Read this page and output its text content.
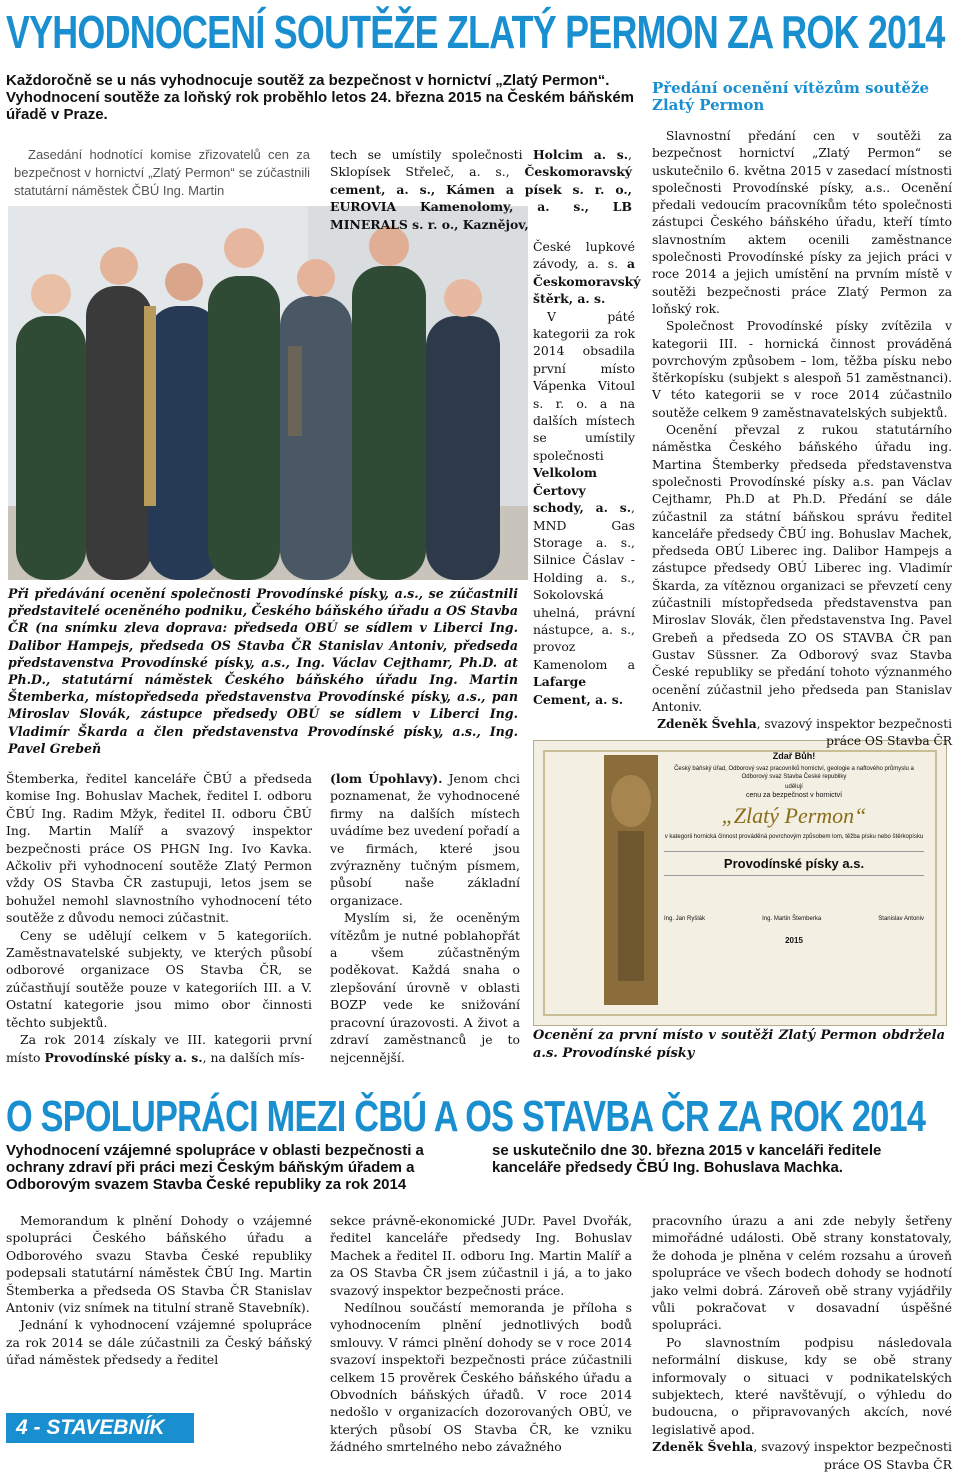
VYHODNOCENÍ SOUTĚŽE ZLATÝ PERMON ZA ROK 2014
Každoročně se u nás vyhodnocuje soutěž za bezpečnost v hornictví „Zlatý Permon“. Vyhodnocení soutěže za loňský rok proběhlo letos 24. března 2015 na Českém báňském úřadě v Praze.
Zasedání hodnotící komise zřizovatelů cen za bezpečnost v hornictví „Zlatý Permon“ se zúčastnili statutární náměstek ČBÚ Ing. Martin
Při předávání ocenění společnosti Provodínské písky, a.s., se zúčastnili představitelé oceněného podniku, Českého báňského úřadu a OS Stavba ČR (na snímku zleva doprava: předseda OBÚ se sídlem v Liberci Ing. Dalibor Hampejs, předseda OS Stavba ČR Stanislav Antoniv, předseda představenstva Provodínské písky, a.s., Ing. Václav Cejthamr, Ph.D. at Ph.D., statutární náměstek Českého báňského úřadu Ing. Martin Štemberka, místopředseda představenstva Provodínské písky, a.s., pan Miroslav Slovák, zástupce předsedy OBÚ se sídlem v Liberci Ing. Vladimír Škarda a člen představenstva Provodínské písky, a.s., Ing. Pavel Grebeň

tech se umístily společnosti Holcim a. s., Sklopísek Střeleč, a. s., Českomoravský cement, a. s., Kámen a písek s. r. o., EUROVIA Kamenolomy, a. s., LB MINERALS s. r. o., Kaznějov,

České lupkové závody, a. s. a Českomoravský štěrk, a. s.

V páté kategorii za rok 2014 obsadila první místo Vápenka Vitoul s. r. o. a na dalších místech se umístily společnosti Velkolom Čertovy schody, a. s., MND Gas Storage a. s., Silnice Čáslav - Holding a. s., Sokolovská uhelná, právní nástupce, a. s., provoz Kamenolom a Lafarge Cement, a. s.

Štemberka, ředitel kanceláře ČBÚ a předseda komise Ing. Bohuslav Machek, ředitel I. odboru ČBÚ Ing. Radim Mžyk, ředitel II. odboru ČBÚ Ing. Martin Malíř a svazový inspektor bezpečnosti práce OS PHGN Ing. Ivo Kavka. Ačkoliv při vyhodnocení soutěže Zlatý Permon vždy OS Stavba ČR zastupuji, letos jsem se bohužel nemohl slavnostního vyhodnocení této soutěže z důvodu nemoci zúčastnit.

Ceny se udělují celkem v 5 kategoriích. Zaměstnavatelské subjekty, ve kterých působí odborové organizace OS Stavba ČR, se zúčastňují soutěže pouze v kategoriích III. a V. Ostatní kategorie jsou mimo obor činnosti těchto subjektů.

Za rok 2014 získaly ve III. kategorii první místo Provodínské písky a. s., na dalších mís-

(lom Úpohlavy). Jenom chci poznamenat, že vyhodnocené firmy na dalších místech uvádíme bez uvedení pořadí a ve firmách, které jsou zvýrazněny tučným písmem, působí naše základní organizace.

Myslím si, že oceněným vítězům je nutné poblahopřát a všem zúčastněným poděkovat. Každá snaha o zlepšování úrovně v oblasti BOZP vede ke snižování pracovní úrazovosti. A život a zdraví zaměstnanců je to nejcennější.

Zdař Bůh!
Český báňský úřad, Odborový svaz pracovníků hornictví, geologie a naftového průmyslu a Odborový svaz Stavba České republiky
udělují
cenu za bezpečnost v hornictví
„Zlatý Permon“
v kategorii hornická činnost prováděná povrchovým způsobem lom, těžba písku nebo štěrkopísku
Provodínské písky a.s.
Ing. Jan Ryšlák	Ing. Martin Štemberka	Stanislav Antoniv
2015
Ocenění za první místo v soutěži Zlatý Permon obdržela a.s. Provodínské písky
Předání ocenění vítězům soutěže Zlatý Permon

Slavnostní předání cen v soutěži za bezpečnost hornictví „Zlatý Permon“ se uskutečnilo 6. května 2015 v zasedací místnosti společnosti Provodínské písky, a.s.. Ocenění předali vedoucím pracovníkům této společnosti zástupci Českého báňského úřadu, kteří tímto slavnostním aktem ocenili zaměstnance společnosti Provodínské písky za jejich práci v roce 2014 a jejich umístění na prvním místě v soutěži bezpečnosti práce Zlatý Permon za loňský rok.

Společnost Provodínské písky zvítězila v kategorii III. - hornická činnost prováděná povrchovým způsobem – lom, těžba písku nebo štěrkopísku (subjekt s alespoň 51 zaměstnanci). V této kategorii se v roce 2014 zúčastnilo soutěže celkem 9 zaměstnavatelských subjektů.

Ocenění převzal z rukou statutárního náměstka Českého báňského úřadu ing. Martina Štemberky předseda představenstva společnosti Provodínské písky a.s. pan Václav Cejthamr, Ph.D at Ph.D. Předání se dále zúčastnil za státní báňskou správu ředitel kanceláře předsedy ČBÚ ing. Bohuslav Machek, předseda OBÚ Liberec ing. Dalibor Hampejs a zástupce předsedy OBÚ Liberec ing. Vladimír Škarda, za vítěznou organizaci se převzetí ceny zúčastnili místopředseda představenstva pan Miroslav Slovák, člen představenstva Ing. Pavel Grebeň a předseda ZO OS STAVBA ČR pan Gustav Süssner. Za Odborový svaz Stavba České republiky se předání tohoto význanmého ocenění zúčastnil jeho předseda pan Stanislav Antoniv.

Zdeněk Švehla, svazový inspektor bezpečnosti práce OS Stavba ČR

O SPOLUPRÁCI MEZI ČBÚ A OS STAVBA ČR ZA ROK 2014
Vyhodnocení vzájemné spolupráce v oblasti bezpečnosti a ochrany zdraví při práci mezi Českým báňským úřadem a Odborovým svazem Stavba České republiky za rok 2014
se uskutečnilo dne 30. března 2015 v kanceláři ředitele kanceláře předsedy ČBÚ Ing. Bohuslava Machka.

Memorandum k plnění Dohody o vzájemné spolupráci Českého báňského úřadu a Odborového svazu Stavba České republiky podepsali statutární náměstek ČBÚ Ing. Martin Štemberka a předseda OS Stavba ČR Stanislav Antoniv (viz snímek na titulní straně Stavebník).

Jednání k vyhodnocení vzájemné spolupráce za rok 2014 se dále zúčastnili za Český báňský úřad náměstek předsedy a ředitel

sekce právně-ekonomické JUDr. Pavel Dvořák, ředitel kanceláře předsedy Ing. Bohuslav Machek a ředitel II. odboru Ing. Martin Malíř a za OS Stavba ČR jsem zúčastnil i já, a to jako svazový inspektor bezpečnosti práce.

Nedílnou součástí memoranda je příloha s vyhodnocením plnění jednotlivých bodů smlouvy. V rámci plnění dohody se v roce 2014 svazoví inspektoři bezpečnosti práce zúčastnili celkem 15 prověrek Českého báňského úřadu a Obvodních báňských úřadů. V roce 2014 nedošlo v organizacích dozorovaných OBÚ, ve kterých působí OS Stavba ČR, ke vzniku žádného smrtelného nebo závažného

pracovního úrazu a ani zde nebyly šetřeny mimořádné události. Obě strany konstatovaly, že dohoda je plněna v celém rozsahu a úroveň spolupráce ve všech bodech dohody se hodnotí jako velmi dobrá. Zároveň obě strany vyjádřily vůli pokračovat v dosavadní úspěšné spolupráci.

Po slavnostním podpisu následovala neformální diskuse, kdy se obě strany informovaly o situaci v podnikatelských subjektech, které navštěvují, o výhledu do budoucna, o připravovaných akcích, nové legislativě apod.

Zdeněk Švehla, svazový inspektor bezpečnosti práce OS Stavba ČR

4 - STAVEBNÍK
